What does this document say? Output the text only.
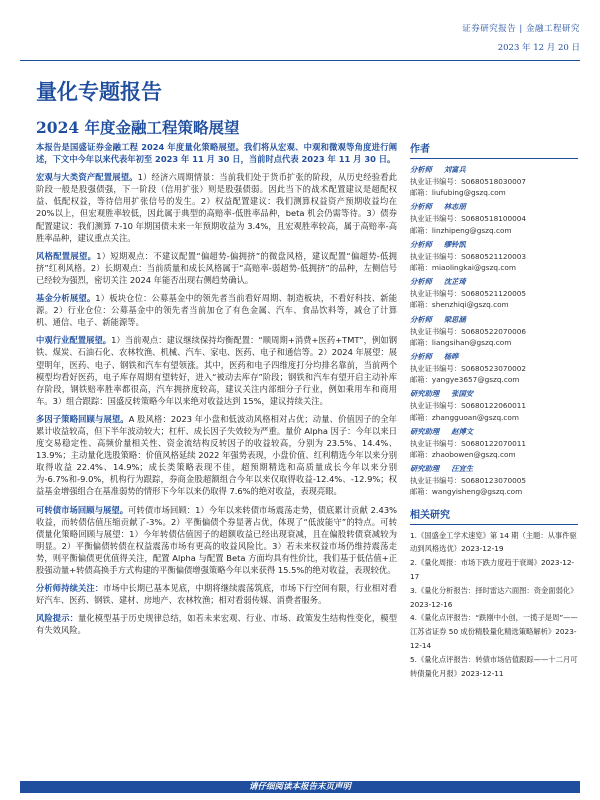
证券研究报告 | 金融工程研究
2023 年 12 月 20 日
量化专题报告
2024 年度金融工程策略展望

本报告是国盛证券金融工程 2024 年度量化策略展望。我们将从宏观、中观和微观等角度进行阐述，下文中今年以来代表年初至 2023 年 11 月 30 日，当前时点代表 2023 年 11 月 30 日。

宏观与大类资产配置展望。1）经济六周期情景：当前我们处于货币扩张的阶段，从历史经验看此阶段一般是股强债强，下一阶段（信用扩张）则是股强债弱。因此当下的战术配置建议是超配权益、低配权益，等待信用扩张信号的发生。2）权益配置建议：我们测算权益资产预期收益均在 20%以上，但宏观胜率较低，因此属于典型的高赔率-低胜率品种，beta 机会仍需等待。3）债券配置建议：我们测算 7-10 年期国债未来一年预期收益为 3.4%，且宏观胜率较高，属于高赔率-高胜率品种，建议重点关注。

风格配置展望。1）短期观点：不建议配置“偏超势-偏拥挤”的微盘风格，建议配置“偏超势-低拥挤”红利风格。2）长期观点：当前质量和成长风格属于“高赔率-弱超势-低拥挤”的品种，左侧信号已经较为强烈，密切关注 2024 年能否出现右侧趋势确认。

基金分析展望。1）板块仓位：公募基金中的领先者当前看好周期、制造板块，不看好科技、新能源。2）行业仓位：公募基金中的领先者当前加仓了有色金属、汽车、食品饮料等，减仓了计算机、通信、电子、新能源等。

中观行业配置展望。1）当前观点：建议继续保持均衡配置：“顺周期+消费+医药+TMT”，例如钢铁、煤炭、石油石化、农林牧渔、机械、汽车、家电、医药、电子和通信等。2）2024 年展望：展望明年，医药、电子、钢铁和汽车有望领涨。其中，医药和电子四维度打分均排名靠前，当前两个模型均看好医药，电子库存周期有望转好，进入“被动去库存”阶段；钢铁和汽车有望开启主动补库存阶段，钢铁赔率胜率都很高，汽车拥挤度较高，建议关注内部细分子行业，例如乘用车和商用车。3）组合跟踪：国盛反转策略今年以来绝对收益达到 15%，建议持续关注。

多因子策略回顾与展望。A 股风格：2023 年小盘和低波动风格相对占优；动量、价值因子的全年累计收益较高，但下半年波动较大；杠杆、成长因子失效较为严重。量价 Alpha 因子：今年以来日度交易稳定性、高频价量相关性、资金流结构反转因子的收益较高，分别为 23.5%、14.4%、13.9%；主动量化选股策略：价值风格延续 2022 年强势表现，小盘价值、红利精选今年以来分别取得收益 22.4%、14.9%；成长类策略表现不佳，超预期精选和高质量成长今年以来分别为-6.7%和-9.0%，机构行为跟踪，券商金股超额组合今年以来仅取得收益-12.4%、-12.9%；权益基金增强组合在基准弱势的情形下今年以来仍取得 7.6%的绝对收益，表现亮眼。

可转债市场回顾与展望。可转债市场回顾：1）今年以来转债市场震荡走势，债底累计贡献 2.43%收益，而转债估值压缩贡献了-3%。2）平衡偏债个券显著占优，体现了“低波能守”的特点。可转债量化策略回顾与展望：1）今年转债估值因子的超额收益已经出现衰减，且在偏股转债衰减较为明显。2）平衡偏债转债在权益震荡市场有更高的收益风险比。3）若未来权益市场仍维持震荡走势，则平衡偏债更优值得关注，配置 Alpha 与配置 Beta 方面均具有性价比，我们基于低估值+正股强动量+转债高换手方式构建的平衡偏债增强策略今年以来获得 15.5%的绝对收益，表现较优。

分析师持续关注：市场中长期已基本见底，中期将继续震荡筑底，市场下行空间有限，行业相对看好汽车、医药、钢铁、建材、房地产、农林牧渔；相对看弱传媒、消费者服务。

风险提示：量化模型基于历史规律总结，如若未来宏观、行业、市场、政策发生结构性变化，模型有失效风险。

作者
分析师 刘富兵
执业证书编号：S0680518030007
邮箱：liufubing@gszq.com
分析师 林志朋
执业证书编号：S0680518100004
邮箱：linzhipeng@gszq.com
分析师 缪铃凯
执业证书编号：S0680521120003
邮箱：miaolingkai@gszq.com
分析师 沈芷琦
执业证书编号：S0680521120005
邮箱：shenzhiqi@gszq.com
分析师 梁思涵
执业证书编号：S0680522070006
邮箱：liangsihan@gszq.com
分析师 杨晔
执业证书编号：S0680523070002
邮箱：yangye3657@gszq.com
研究助理 张国安
执业证书编号：S0680122060011
邮箱：zhangguoan@gszq.com
研究助理 赵博文
执业证书编号：S0680122070011
邮箱：zhaobowen@gszq.com
研究助理 汪宜生
执业证书编号：S0680123070005
邮箱：wangyisheng@gszq.com
相关研究
1.《国盛金工学术速览》第 14 期（主题：从事件驱动到风格选优）2023-12-19
2.《量化周报：市场下跌力度趋于衰竭》2023-12-17
3.《量化分析报告：择时雷达六面图：资金面弱化》2023-12-16
4.《量化点评报告：“跌刚中小创，一揽子是周”——江苏省证券 50 成份精股量化精选策略解析》2023-12-14
5.《量化点评报告：转债市场估值跟踪——十二月可转债量化月报》2023-12-11
请仔细阅读本报告末页声明
